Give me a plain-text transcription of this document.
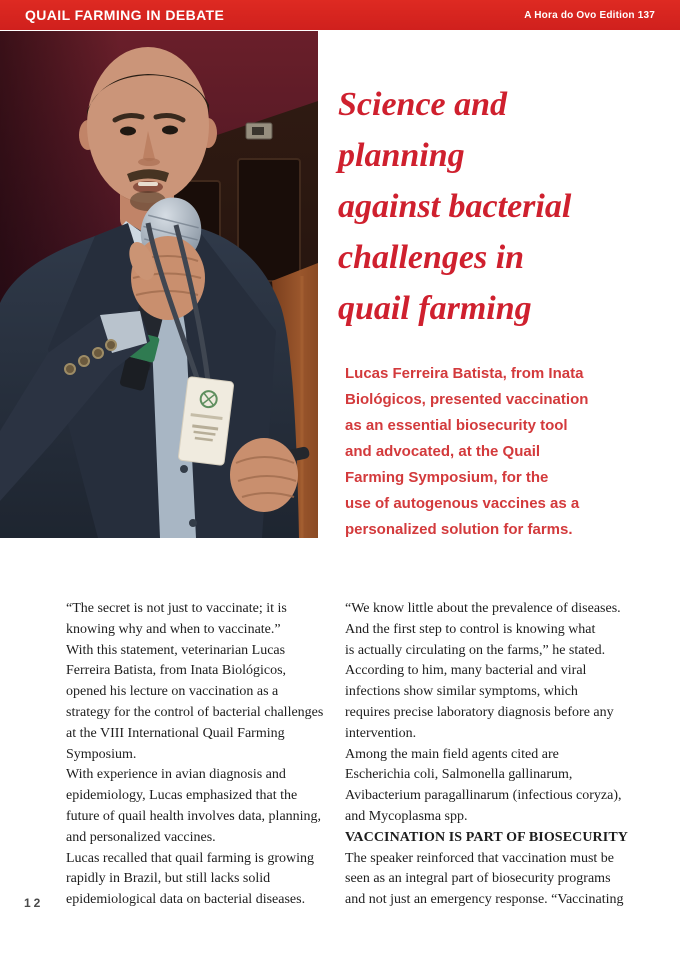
QUAIL FARMING IN DEBATE	A Hora do Ovo Edition 137
Science and
planning
against bacterial
challenges in
quail farming
Lucas Ferreira Batista, from Inata
Biológicos, presented vaccination
as an essential biosecurity tool
and advocated, at the Quail
Farming Symposium, for the
use of autogenous vaccines as a
personalized solution for farms.
“The secret is not just to vaccinate; it is
knowing why and when to vaccinate.”
With this statement, veterinarian Lucas
Ferreira Batista, from Inata Biológicos,
opened his lecture on vaccination as a
strategy for the control of bacterial challenges
at the VIII International Quail Farming
Symposium.
With experience in avian diagnosis and
epidemiology, Lucas emphasized that the
future of quail health involves data, planning,
and personalized vaccines.
Lucas recalled that quail farming is growing
rapidly in Brazil, but still lacks solid
epidemiological data on bacterial diseases.
“We know little about the prevalence of diseases.
And the first step to control is knowing what
is actually circulating on the farms,” he stated.
According to him, many bacterial and viral
infections show similar symptoms, which
requires precise laboratory diagnosis before any
intervention.
Among the main field agents cited are
Escherichia coli, Salmonella gallinarum,
Avibacterium paragallinarum (infectious coryza),
and Mycoplasma spp.
VACCINATION IS PART OF BIOSECURITY
The speaker reinforced that vaccination must be
seen as an integral part of biosecurity programs
and not just an emergency response. “Vaccinating
12
